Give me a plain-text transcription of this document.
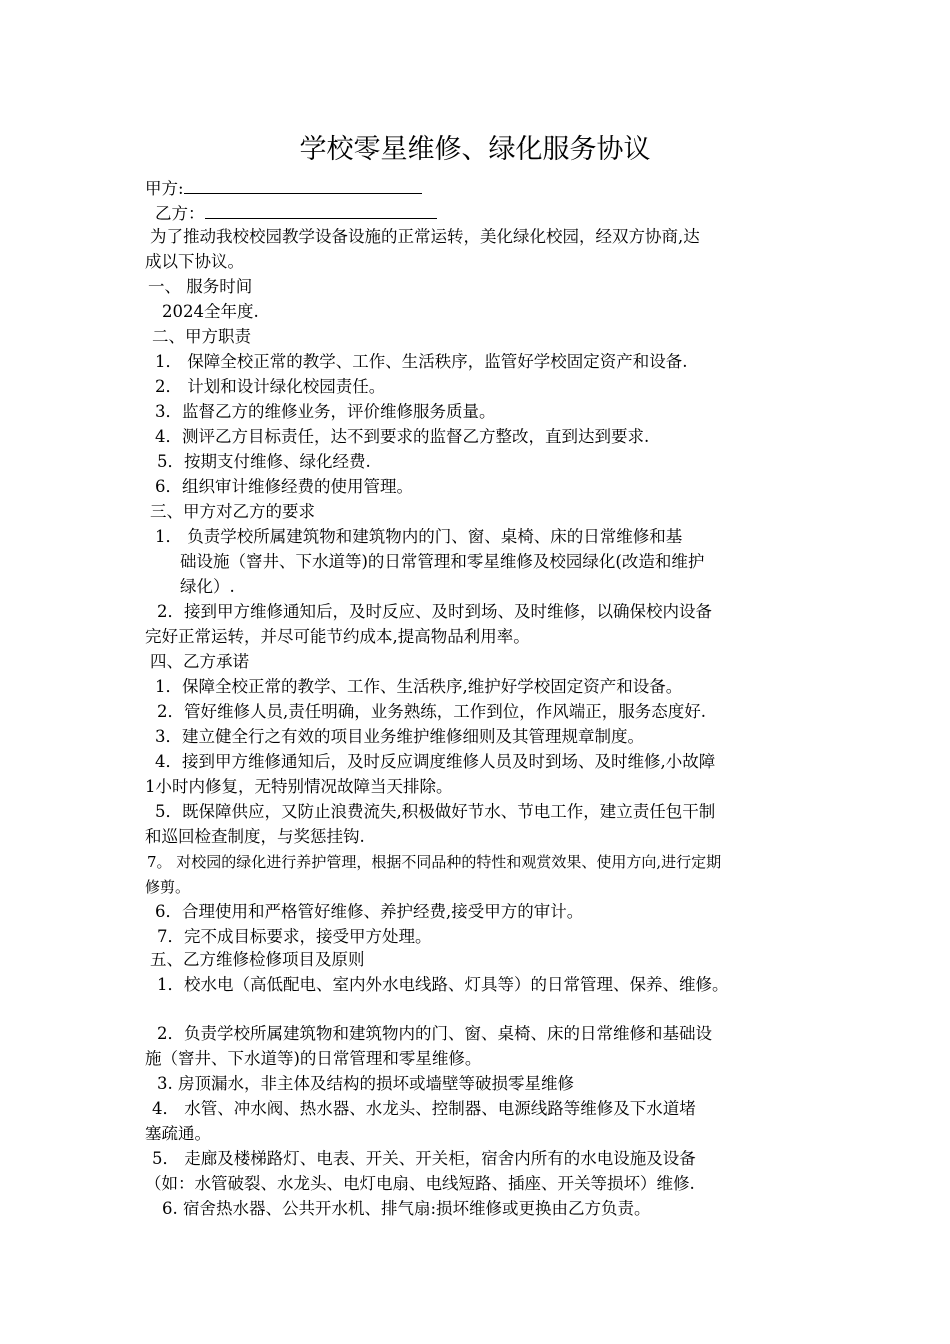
学校零星维修、绿化服务协议
甲方:
乙方：
为了推动我校校园教学设备设施的正常运转，美化绿化校园，经双方协商,达
成以下协议。
一、 服务时间
2024全年度.
二、甲方职责
1． 保障全校正常的教学、工作、生活秩序，监管好学校固定资产和设备.
2． 计划和设计绿化校园责任。
3．监督乙方的维修业务，评价维修服务质量。
4．测评乙方目标责任，达不到要求的监督乙方整改，直到达到要求.
5．按期支付维修、绿化经费.
6．组织审计维修经费的使用管理。
三、甲方对乙方的要求
1． 负责学校所属建筑物和建筑物内的门、窗、桌椅、床的日常维修和基
础设施（窨井、下水道等)的日常管理和零星维修及校园绿化(改造和维护
绿化）.
2．接到甲方维修通知后，及时反应、及时到场、及时维修，以确保校内设备
完好正常运转，并尽可能节约成本,提高物品利用率。
四、乙方承诺
1．保障全校正常的教学、工作、生活秩序,维护好学校固定资产和设备。
2．管好维修人员,责任明确，业务熟练，工作到位，作风端正，服务态度好.
3．建立健全行之有效的项目业务维护维修细则及其管理规章制度。
4．接到甲方维修通知后，及时反应调度维修人员及时到场、及时维修,小故障
1小时内修复，无特别情况故障当天排除。
5．既保障供应，又防止浪费流失,积极做好节水、节电工作，建立责任包干制
和巡回检查制度，与奖惩挂钩.
7。 对校园的绿化进行养护管理，根据不同品种的特性和观赏效果、使用方向,进行定期
修剪。
6．合理使用和严格管好维修、养护经费,接受甲方的审计。
7．完不成目标要求，接受甲方处理。
五、乙方维修检修项目及原则
1．校水电（高低配电、室内外水电线路、灯具等）的日常管理、保养、维修。
2．负责学校所属建筑物和建筑物内的门、窗、桌椅、床的日常维修和基础设
施（窨井、下水道等)的日常管理和零星维修。
3. 房顶漏水，非主体及结构的损坏或墙壁等破损零星维修
4． 水管、冲水阀、热水器、水龙头、控制器、电源线路等维修及下水道堵
塞疏通。
5． 走廊及楼梯路灯、电表、开关、开关柜，宿舍内所有的水电设施及设备
（如：水管破裂、水龙头、电灯电扇、电线短路、插座、开关等损坏）维修.
6. 宿舍热水器、公共开水机、排气扇:损坏维修或更换由乙方负责。
